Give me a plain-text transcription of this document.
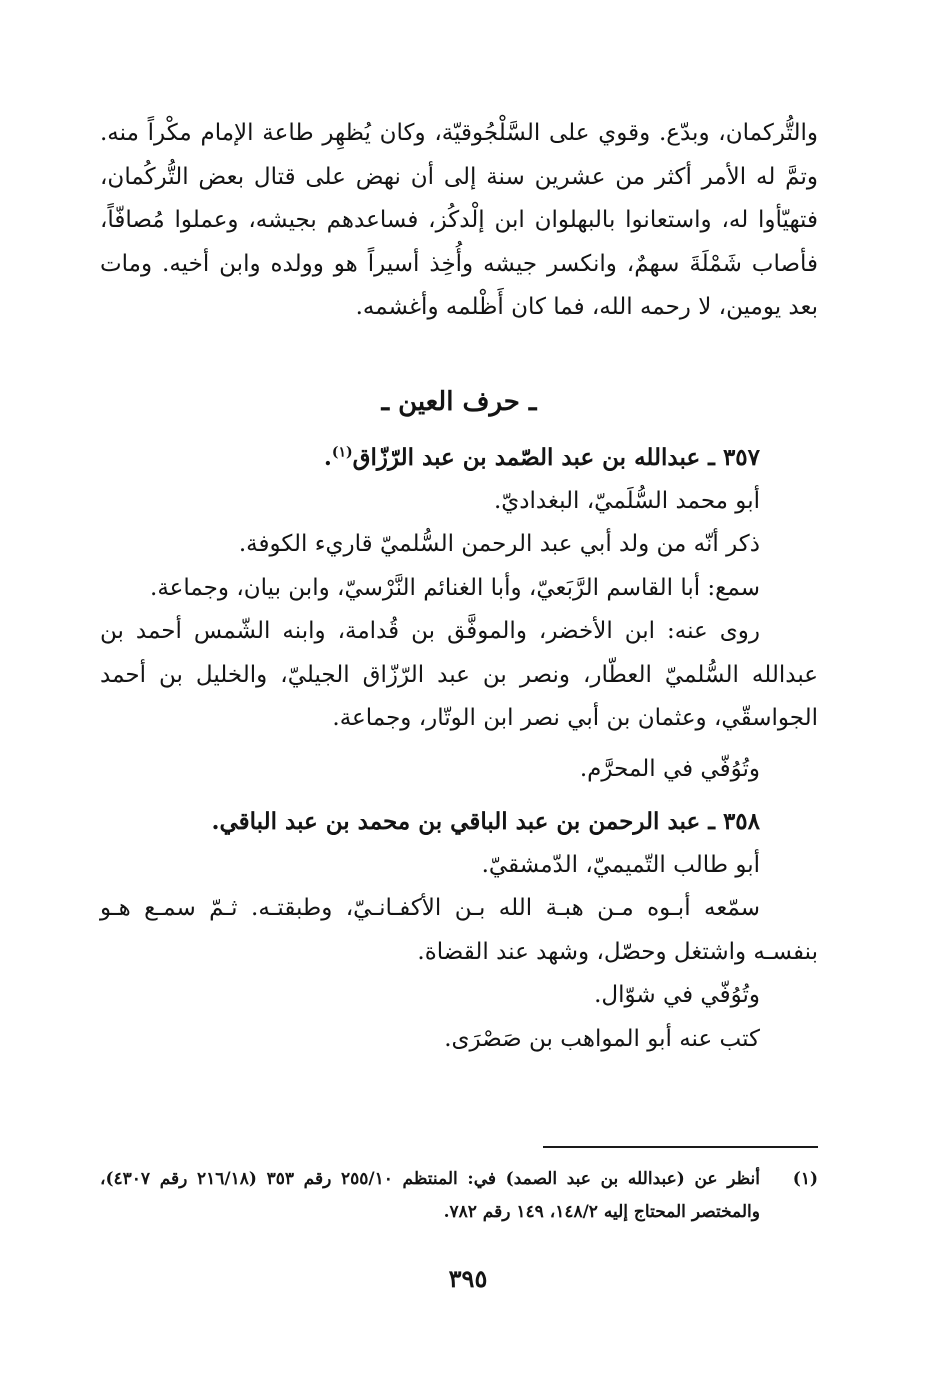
والتُّركمان، وبدّع. وقوي على السَّلْجُوقيّة، وكان يُظهِر طاعة الإمام مكْراً منه. وتمَّ له الأمر أكثر من عشرين سنة إلى أن نهض على قتال بعض التُّركُمان، فتهيّأوا له، واستعانوا بالبهلوان ابن إلْدكُز، فساعدهم بجيشه، وعملوا مُصافّاً، فأصاب شَمْلَةَ سهمٌ، وانكسر جيشه وأُخِذ أسيراً هو وولده وابن أخيه. ومات بعد يومين، لا رحمه الله، فما كان أَظْلمه وأغشمه.
ـ حرف العين ـ

٣٥٧ ـ عبدالله بن عبد الصّمد بن عبد الرّزّاق$^{(١)}$.

أبو محمد السُّلَميّ، البغداديّ.

ذكر أنّه من ولد أبي عبد الرحمن السُّلميّ قاريء الكوفة.

سمع: أبا القاسم الرَّبَعيّ، وأبا الغنائم النَّرْسيّ، وابن بيان، وجماعة.

روى عنه: ابن الأخضر، والموفَّق بن قُدامة، وابنه الشّمس أحمد بن عبدالله السُّلميّ العطّار، ونصر بن عبد الرّزّاق الجيليّ، والخليل بن أحمد الجواسقّي، وعثمان بن أبي نصر ابن الوتّار، وجماعة.

وتُوُفّي في المحرَّم.

٣٥٨ ـ عبد الرحمن بن عبد الباقي بن محمد بن عبد الباقي.

أبو طالب التّميميّ، الدّمشقيّ.

سمّعه أبـوه مـن هبـة الله بـن الأكفـانـيّ، وطبقتـه. ثـمّ سمـع هـو بنفسـه واشتغل وحصّل، وشهد عند القضاة.

وتُوُفّي في شوّال.

كتب عنه أبو المواهب بن صَصْرَى.

(١)
أنظر عن (عبدالله بن عبد الصمد) في: المنتظم ٢٥٥/١٠ رقم ٣٥٣ (٢١٦/١٨ رقم ٤٣٠٧)، والمختصر المحتاج إليه ١٤٨/٢، ١٤٩ رقم ٧٨٢.
٣٩٥
